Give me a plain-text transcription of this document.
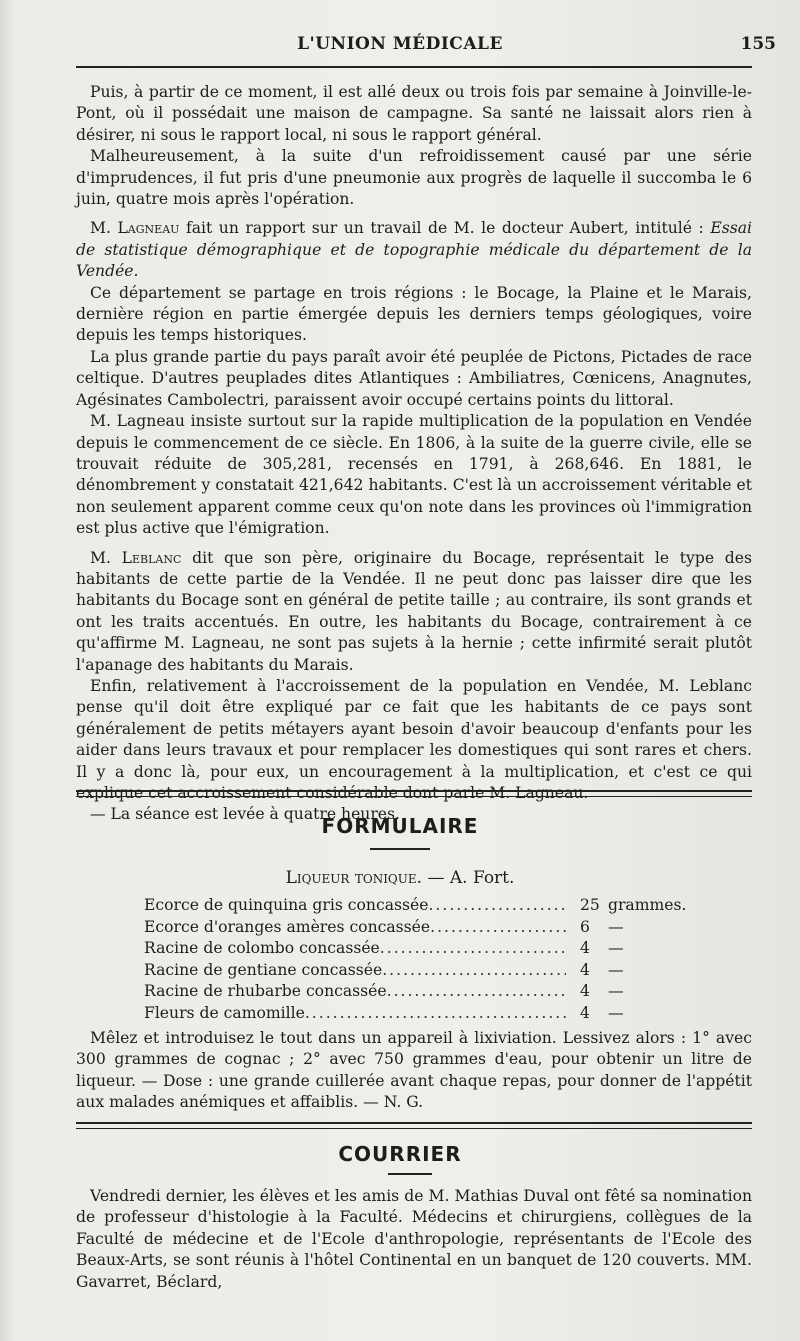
L'UNION MÉDICALE	155

Puis, à partir de ce moment, il est allé deux ou trois fois par semaine à Joinville-le-Pont, où il possédait une maison de campagne. Sa santé ne laissait alors rien à désirer, ni sous le rapport local, ni sous le rapport général.

Malheureusement, à la suite d'un refroidissement causé par une série d'imprudences, il fut pris d'une pneumonie aux progrès de laquelle il succomba le 6 juin, quatre mois après l'opération.

M. Lagneau fait un rapport sur un travail de M. le docteur Aubert, intitulé : Essai de statistique démographique et de topographie médicale du département de la Vendée.

Ce département se partage en trois régions : le Bocage, la Plaine et le Marais, dernière région en partie émergée depuis les derniers temps géologiques, voire depuis les temps historiques.

La plus grande partie du pays paraît avoir été peuplée de Pictons, Pictades de race celtique. D'autres peuplades dites Atlantiques : Ambiliatres, Cœnicens, Anagnutes, Agésinates Cambolectri, paraissent avoir occupé certains points du littoral.

M. Lagneau insiste surtout sur la rapide multiplication de la population en Vendée depuis le commencement de ce siècle. En 1806, à la suite de la guerre civile, elle se trouvait réduite de 305,281, recensés en 1791, à 268,646. En 1881, le dénombrement y constatait 421,642 habitants. C'est là un accroissement véritable et non seulement apparent comme ceux qu'on note dans les provinces où l'immigration est plus active que l'émigration.

M. Leblanc dit que son père, originaire du Bocage, représentait le type des habitants de cette partie de la Vendée. Il ne peut donc pas laisser dire que les habitants du Bocage sont en général de petite taille ; au contraire, ils sont grands et ont les traits accentués. En outre, les habitants du Bocage, contrairement à ce qu'affirme M. Lagneau, ne sont pas sujets à la hernie ; cette infirmité serait plutôt l'apanage des habitants du Marais.

Enfin, relativement à l'accroissement de la population en Vendée, M. Leblanc pense qu'il doit être expliqué par ce fait que les habitants de ce pays sont généralement de petits métayers ayant besoin d'avoir beaucoup d'enfants pour les aider dans leurs travaux et pour remplacer les domestiques qui sont rares et chers. Il y a donc là, pour eux, un encouragement à la multiplication, et c'est ce qui explique cet accroissement considérable dont parle M. Lagneau.

— La séance est levée à quatre heures.

FORMULAIRE
Liqueur tonique. — A. Fort.
Ecorce de quinquina gris concassée .....	25 grammes.
Ecorce d'oranges amères concassée .....	6	—
Racine de colombo concassée .....	4	—
Racine de gentiane concassée .....	4	—
Racine de rhubarbe concassée .....	4	—
Fleurs de camomille .....	4	—

Mêlez et introduisez le tout dans un appareil à lixiviation. Lessivez alors : 1° avec 300 grammes de cognac ; 2° avec 750 grammes d'eau, pour obtenir un litre de liqueur. — Dose : une grande cuillerée avant chaque repas, pour donner de l'appétit aux malades anémiques et affaiblis. — N. G.

COURRIER

Vendredi dernier, les élèves et les amis de M. Mathias Duval ont fêté sa nomination de professeur d'histologie à la Faculté. Médecins et chirurgiens, collègues de la Faculté de médecine et de l'Ecole d'anthropologie, représentants de l'Ecole des Beaux-Arts, se sont réunis à l'hôtel Continental en un banquet de 120 couverts. MM. Gavarret, Béclard,
